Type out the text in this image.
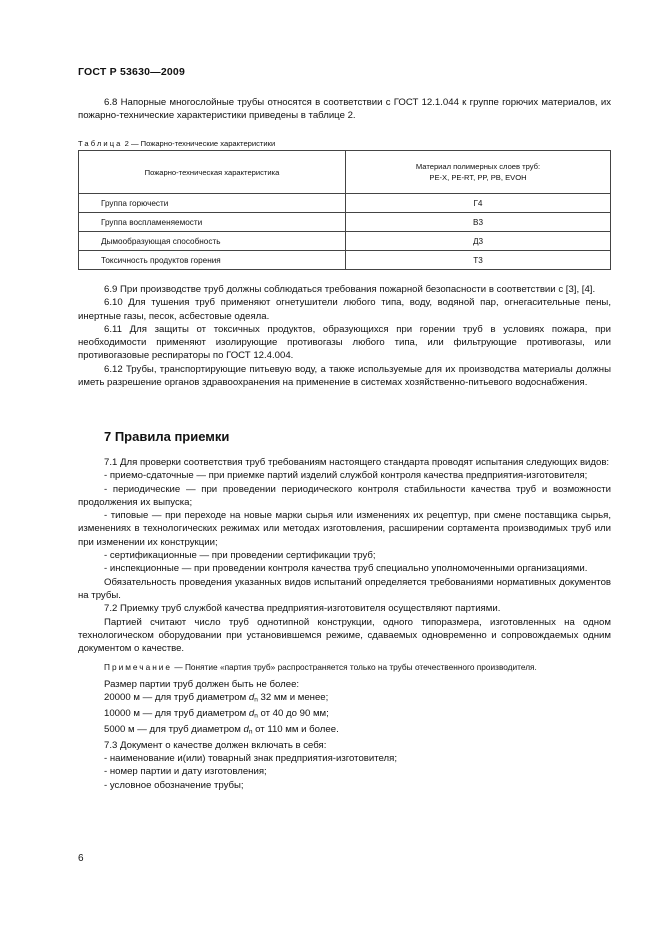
ГОСТ Р 53630—2009

6.8 Напорные многослойные трубы относятся в соответствии с ГОСТ 12.1.044 к группе горючих материалов, их пожарно-технические характеристики приведены в таблице 2.

Таблица 2 — Пожарно-технические характеристики
Пожарно-техническая характеристика	Материал полимерных слоев труб:
PE-X, PE-RT, PP, PB, EVOH

Группа горючести	Г4
Группа воспламеняемости	В3
Дымообразующая способность	Д3
Токсичность продуктов горения	Т3

6.9 При производстве труб должны соблюдаться требования пожарной безопасности в соответствии с [3], [4].

6.10 Для тушения труб применяют огнетушители любого типа, воду, водяной пар, огнегасительные пены, инертные газы, песок, асбестовые одеяла.

6.11 Для защиты от токсичных продуктов, образующихся при горении труб в условиях пожара, при необходимости применяют изолирующие противогазы любого типа, или фильтрующие противогазы, или противогазовые респираторы по ГОСТ 12.4.004.

6.12 Трубы, транспортирующие питьевую воду, а также используемые для их производства материалы должны иметь разрешение органов здравоохранения на применение в системах хозяйственно-питьевого водоснабжения.

7 Правила приемки

7.1 Для проверки соответствия труб требованиям настоящего стандарта проводят испытания следующих видов:

- приемо-сдаточные — при приемке партий изделий службой контроля качества предприятия-изготовителя;

- периодические — при проведении периодического контроля стабильности качества труб и возможности продолжения их выпуска;

- типовые — при переходе на новые марки сырья или изменениях их рецептур, при смене поставщика сырья, изменениях в технологических режимах или методах изготовления, расширении сортамента производимых труб или при изменении их конструкции;

- сертификационные — при проведении сертификации труб;

- инспекционные — при проведении контроля качества труб специально уполномоченными организациями.

Обязательность проведения указанных видов испытаний определяется требованиями нормативных документов на трубы.

7.2 Приемку труб службой качества предприятия-изготовителя осуществляют партиями.

Партией считают число труб однотипной конструкции, одного типоразмера, изготовленных на одном технологическом оборудовании при установившемся режиме, сдаваемых одновременно и сопровождаемых одним документом о качестве.

Примечание — Понятие «партия труб» распространяется только на трубы отечественного производителя.

Размер партии труб должен быть не более:

20000 м — для труб диаметром $d_n$ 32 мм и менее;

10000 м — для труб диаметром $d_n$ от 40 до 90 мм;

5000 м — для труб диаметром $d_n$ от 110 мм и более.

7.3 Документ о качестве должен включать в себя:

- наименование и(или) товарный знак предприятия-изготовителя;

- номер партии и дату изготовления;

- условное обозначение трубы;

6
